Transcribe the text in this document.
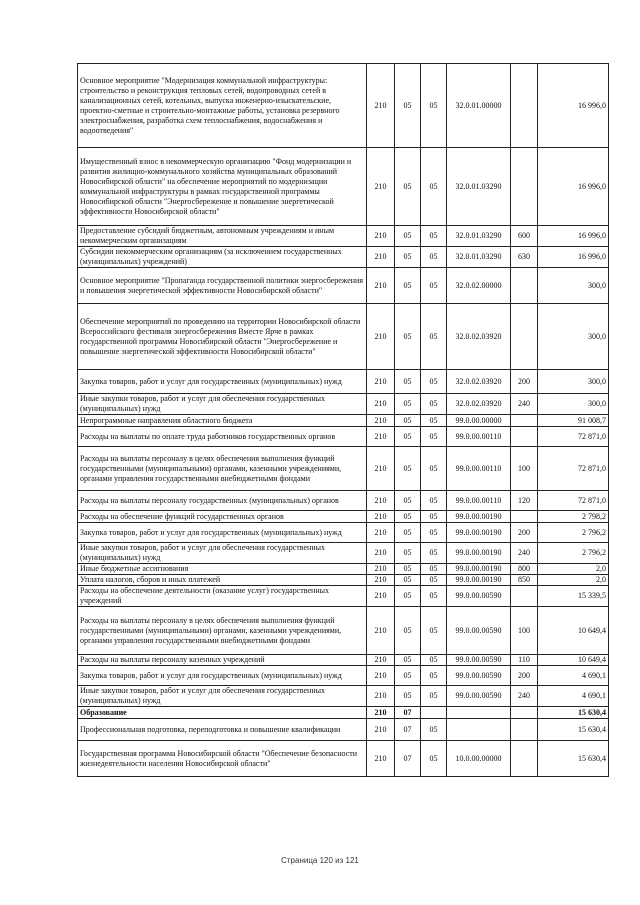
Основное мероприятие "Модернизация коммунальной инфраструктуры: строительство и реконструкция тепловых сетей, водопроводных сетей в канализационных сетей, котельных, выпуска инженерно-изыскательские, проектно-сметные и строительно-монтажные работы, установка резервного электроснабжения, разработка схем теплоснабжения, водоснабжения и водоотведения"	210	05	05	32.0.01.00000		16 996,0
Имущественный взнос в некоммерческую организацию "Фонд модернизации и развития жилищно-коммунального хозяйства муниципальных образований Новосибирской области" на обеспечение мероприятий по модернизации коммунальной инфраструктуры в рамках государственной программы Новосибирской области "Энергосбережение и повышение энергетической эффективности Новосибирской области"	210	05	05	32.0.01.03290		16 996,0
Предоставление субсидий бюджетным, автономным учреждениям и иным некоммерческим организациям	210	05	05	32.0.01.03290	600	16 996,0
Субсидии некоммерческим организациям (за исключением государственных (муниципальных) учреждений)	210	05	05	32.0.01.03290	630	16 996,0
Основное мероприятие "Пропаганда государственной политики энергосбережения и повышения энергетической эффективности Новосибирской области"	210	05	05	32.0.02.00000		300,0
Обеспечение мероприятий по проведению на территории Новосибирской области Всероссийского фестиваля энергосбережения Вместе Ярче в рамках государственной программы Новосибирской области "Энергосбережение и повышение энергетической эффективности Новосибирской области"	210	05	05	32.0.02.03920		300,0
Закупка товаров, работ и услуг для государственных (муниципальных) нужд	210	05	05	32.0.02.03920	200	300,0
Иные закупки товаров, работ и услуг для обеспечения государственных (муниципальных) нужд	210	05	05	32.0.02.03920	240	300,0
Непрограммные направления областного бюджета	210	05	05	99.0.00.00000		91 008,7
Расходы на выплаты по оплате труда работников государственных органов	210	05	05	99.0.00.00110		72 871,0
Расходы на выплаты персоналу в целях обеспечения выполнения функций государственными (муниципальными) органами, казенными учреждениями, органами управления государственными внебюджетными фондами	210	05	05	99.0.00.00110	100	72 871,0
Расходы на выплаты персоналу государственных (муниципальных) органов	210	05	05	99.0.00.00110	120	72 871,0
Расходы на обеспечение функций государственных органов	210	05	05	99.0.00.00190		2 798,2
Закупка товаров, работ и услуг для государственных (муниципальных) нужд	210	05	05	99.0.00.00190	200	2 796,2
Иные закупки товаров, работ и услуг для обеспечения государственных (муниципальных) нужд	210	05	05	99.0.00.00190	240	2 796,2
Иные бюджетные ассигнования	210	05	05	99.0.00.00190	800	2,0
Уплата налогов, сборов и иных платежей	210	05	05	99.0.00.00190	850	2,0
Расходы на обеспечение деятельности (оказание услуг) государственных учреждений	210	05	05	99.0.00.00590		15 339,5
Расходы на выплаты персоналу в целях обеспечения выполнения функций государственными (муниципальными) органами, казенными учреждениями, органами управления государственными внебюджетными фондами	210	05	05	99.0.00.00590	100	10 649,4
Расходы на выплаты персоналу казенных учреждений	210	05	05	99.0.00.00590	110	10 649,4
Закупка товаров, работ и услуг для государственных (муниципальных) нужд	210	05	05	99.0.00.00590	200	4 690,1
Иные закупки товаров, работ и услуг для обеспечения государственных (муниципальных) нужд	210	05	05	99.0.00.00590	240	4 690,1
Образование	210	07				15 630,4
Профессиональная подготовка, переподготовка и повышение квалификации	210	07	05			15 630,4
Государственная программа Новосибирской области "Обеспечение безопасности жизнедеятельности населения Новосибирской области"	210	07	05	10.0.00.00000		15 630,4
Страница 120 из 121
